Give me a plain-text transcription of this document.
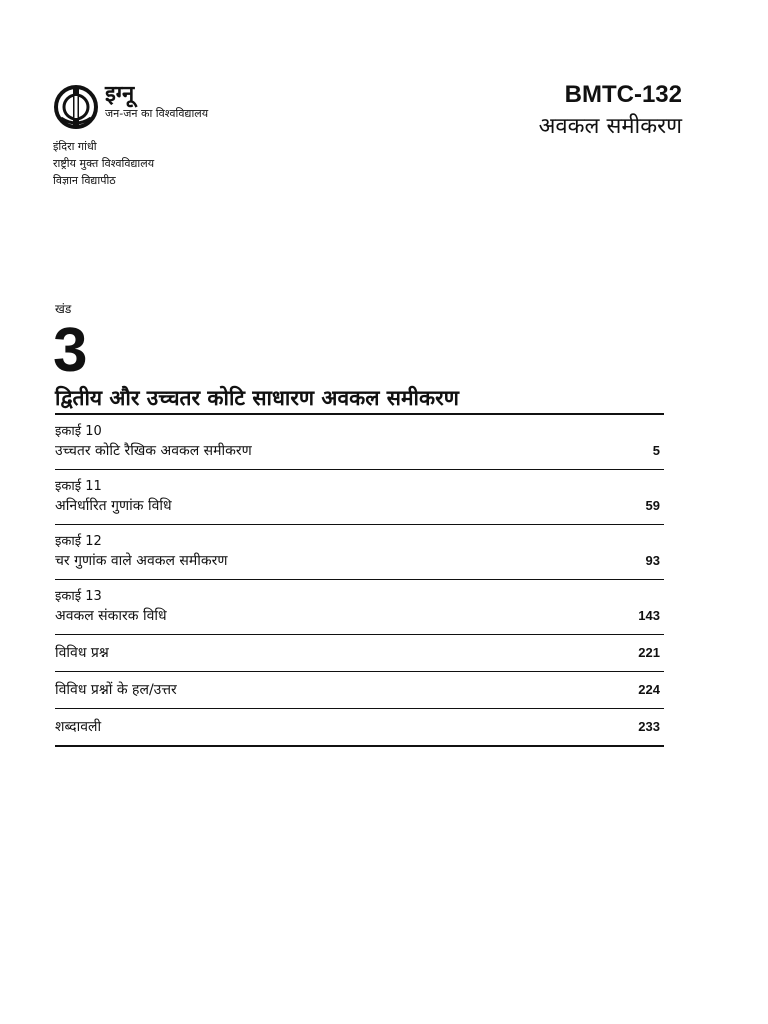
इग्नू
जन-जन का विश्वविद्यालय
इंदिरा गांधी
राष्ट्रीय मुक्त विश्वविद्यालय
विज्ञान विद्यापीठ
BMTC-132
अवकल समीकरण
खंड
3
द्वितीय और उच्चतर कोटि साधारण अवकल समीकरण
इकाई 10
उच्चतर कोटि रैखिक अवकल समीकरण	5
इकाई 11
अनिर्धारित गुणांक विधि	59
इकाई 12
चर गुणांक वाले अवकल समीकरण	93
इकाई 13
अवकल संकारक विधि	143
विविध प्रश्न	221
विविध प्रश्नों के हल/उत्तर	224
शब्दावली	233
